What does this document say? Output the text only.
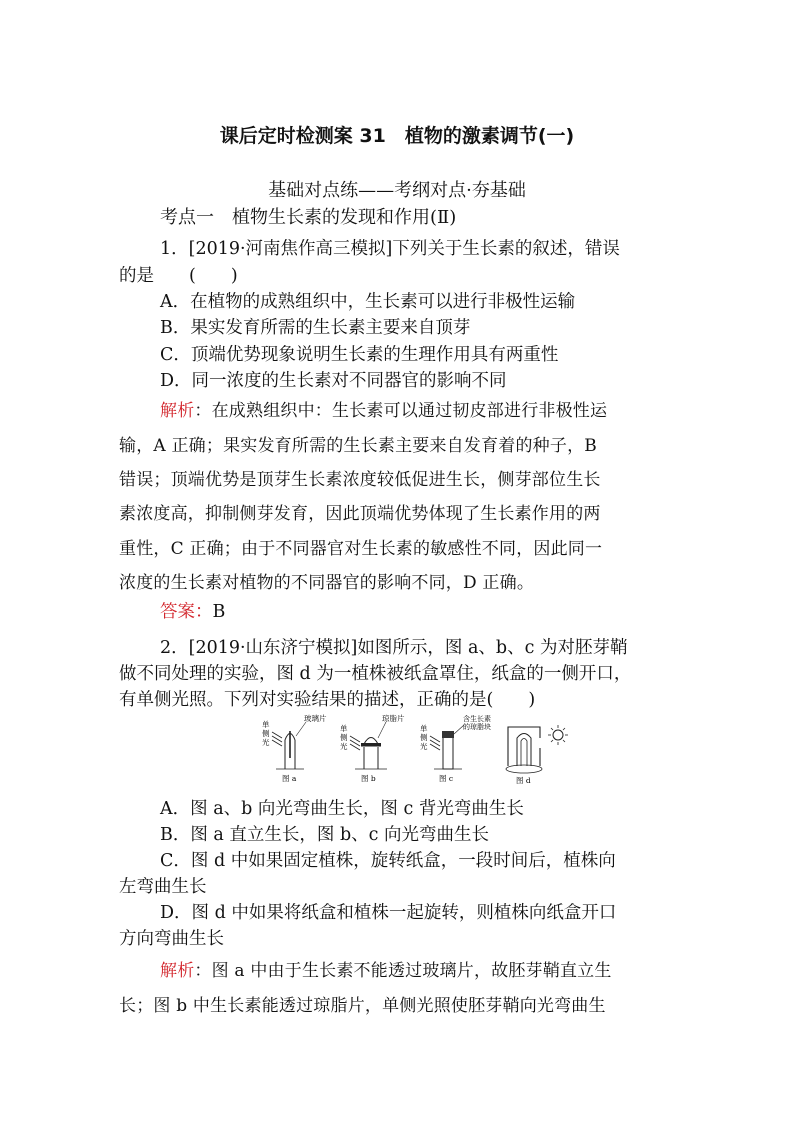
课后定时检测案 31　植物的激素调节(一)
基础对点练——考纲对点·夯基础
考点一　植物生长素的发现和作用(Ⅱ)
1．[2019·河南焦作高三模拟]下列关于生长素的叙述，错误
的是　　(　　)
A．在植物的成熟组织中，生长素可以进行非极性运输
B．果实发育所需的生长素主要来自顶芽
C．顶端优势现象说明生长素的生理作用具有两重性
D．同一浓度的生长素对不同器官的影响不同
解析：在成熟组织中：生长素可以通过韧皮部进行非极性运
输，A 正确；果实发育所需的生长素主要来自发育着的种子，B
错误；顶端优势是顶芽生长素浓度较低促进生长，侧芽部位生长
素浓度高，抑制侧芽发育，因此顶端优势体现了生长素作用的两
重性，C 正确；由于不同器官对生长素的敏感性不同，因此同一
浓度的生长素对植物的不同器官的影响不同，D 正确。
答案：B
2．[2019·山东济宁模拟]如图所示，图 a、b、c 为对胚芽鞘
做不同处理的实验，图 d 为一植株被纸盒罩住，纸盒的一侧开口，
有单侧光照。下列对实验结果的描述，正确的是(　　)
单
侧
光
玻璃片
图 a
单
侧
光
琼脂片
图 b
单
侧
光
含生长素
的琼脂块
图 c	图 d
A．图 a、b 向光弯曲生长，图 c 背光弯曲生长
B．图 a 直立生长，图 b、c 向光弯曲生长
C．图 d 中如果固定植株，旋转纸盒，一段时间后，植株向
左弯曲生长
D．图 d 中如果将纸盒和植株一起旋转，则植株向纸盒开口
方向弯曲生长
解析：图 a 中由于生长素不能透过玻璃片，故胚芽鞘直立生
长；图 b 中生长素能透过琼脂片，单侧光照使胚芽鞘向光弯曲生
